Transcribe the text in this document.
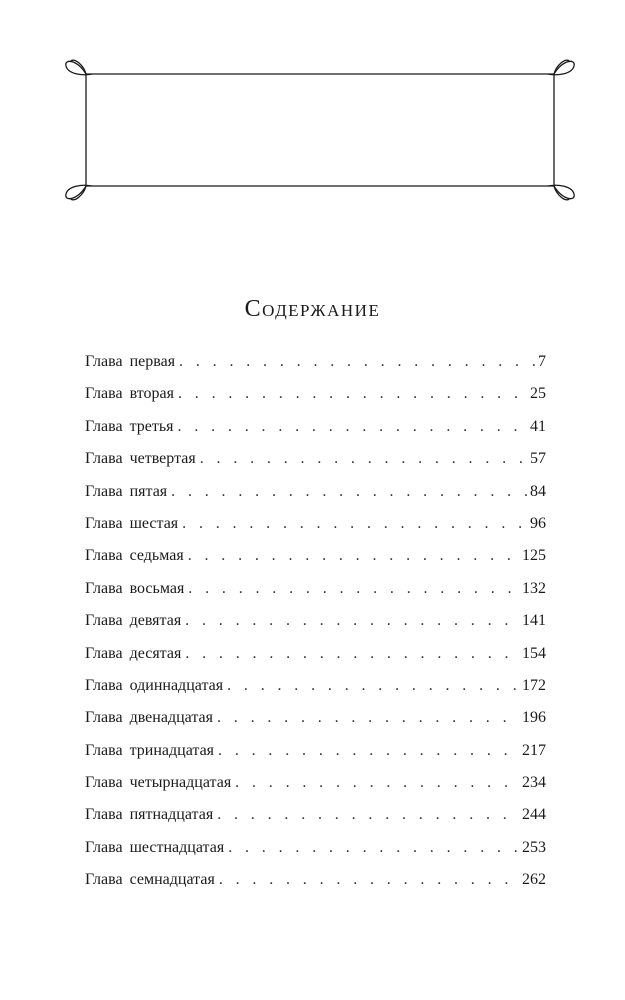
Содержание
Глава первая . . .	7
Глава вторая . . .	25
Глава третья . . .	41
Глава четвертая . . .	57
Глава пятая . . .	84
Глава шестая . . .	96
Глава седьмая . . .	125
Глава восьмая . . .	132
Глава девятая . . .	141
Глава десятая . . .	154
Глава одиннадцатая . . .	172
Глава двенадцатая . . .	196
Глава тринадцатая . . .	217
Глава четырнадцатая . . .	234
Глава пятнадцатая . . .	244
Глава шестнадцатая . . .	253
Глава семнадцатая . . .	262
